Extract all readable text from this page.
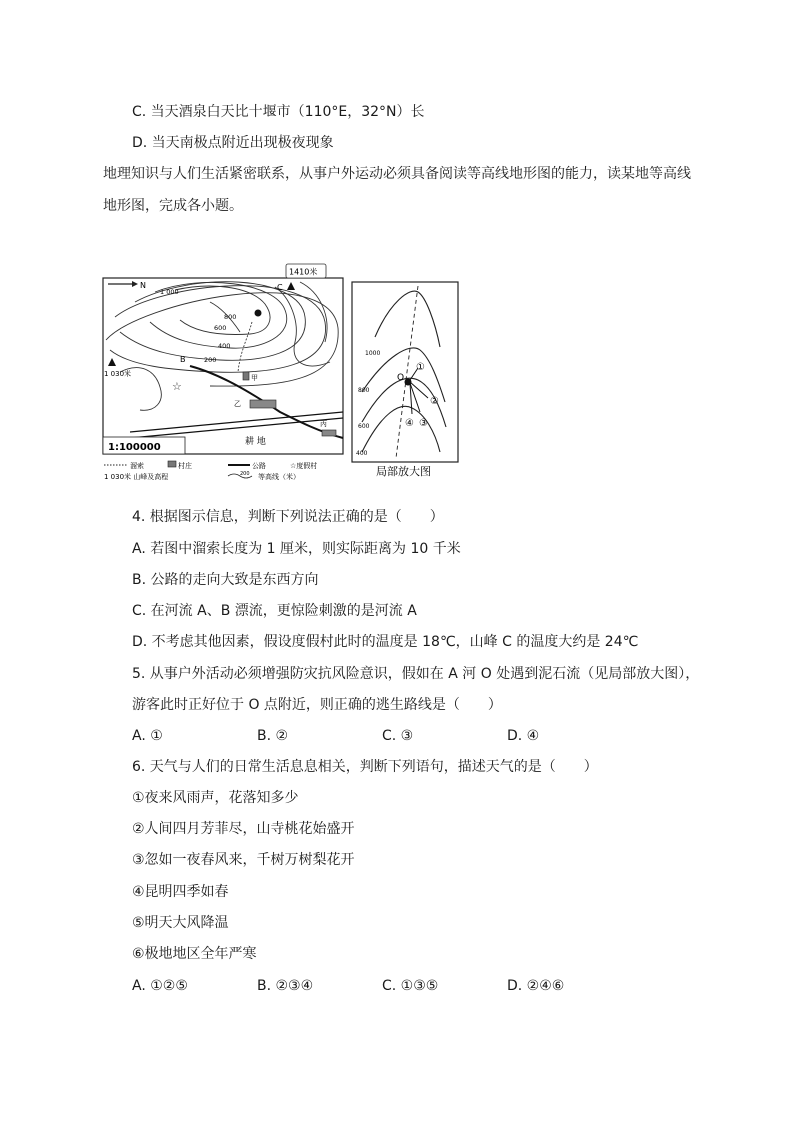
C. 当天酒泉白天比十堰市（110°E，32°N）长
D. 当天南极点附近出现极夜现象
地理知识与人们生活紧密联系，从事户外运动必须具备阅读等高线地形图的能力，读某地等高线
地形图，完成各小题。
1410米
N	C
1 030米
B
☆
1 000
800
600
400
200
甲
乙
丙
耕 地
1:100000
溜索	村庄	公路	☆度假村
1 030米 山峰及高程	200 等高线（米）
O
1000
800
600
400
①
②
③
④
局部放大图
4. 根据图示信息，判断下列说法正确的是（　　）
A. 若图中溜索长度为 1 厘米，则实际距离为 10 千米
B. 公路的走向大致是东西方向
C. 在河流 A、B 漂流，更惊险刺激的是河流 A
D. 不考虑其他因素，假设度假村此时的温度是 18℃，山峰 C 的温度大约是 24℃
5. 从事户外活动必须增强防灾抗风险意识，假如在 A 河 O 处遇到泥石流（见局部放大图），
游客此时正好位于 O 点附近，则正确的逃生路线是（　　）
A. ①	B. ②	C. ③	D. ④
6. 天气与人们的日常生活息息相关，判断下列语句，描述天气的是（　　）
①夜来风雨声，花落知多少
②人间四月芳菲尽，山寺桃花始盛开
③忽如一夜春风来，千树万树梨花开
④昆明四季如春
⑤明天大风降温
⑥极地地区全年严寒
A. ①②⑤	B. ②③④	C. ①③⑤	D. ②④⑥
